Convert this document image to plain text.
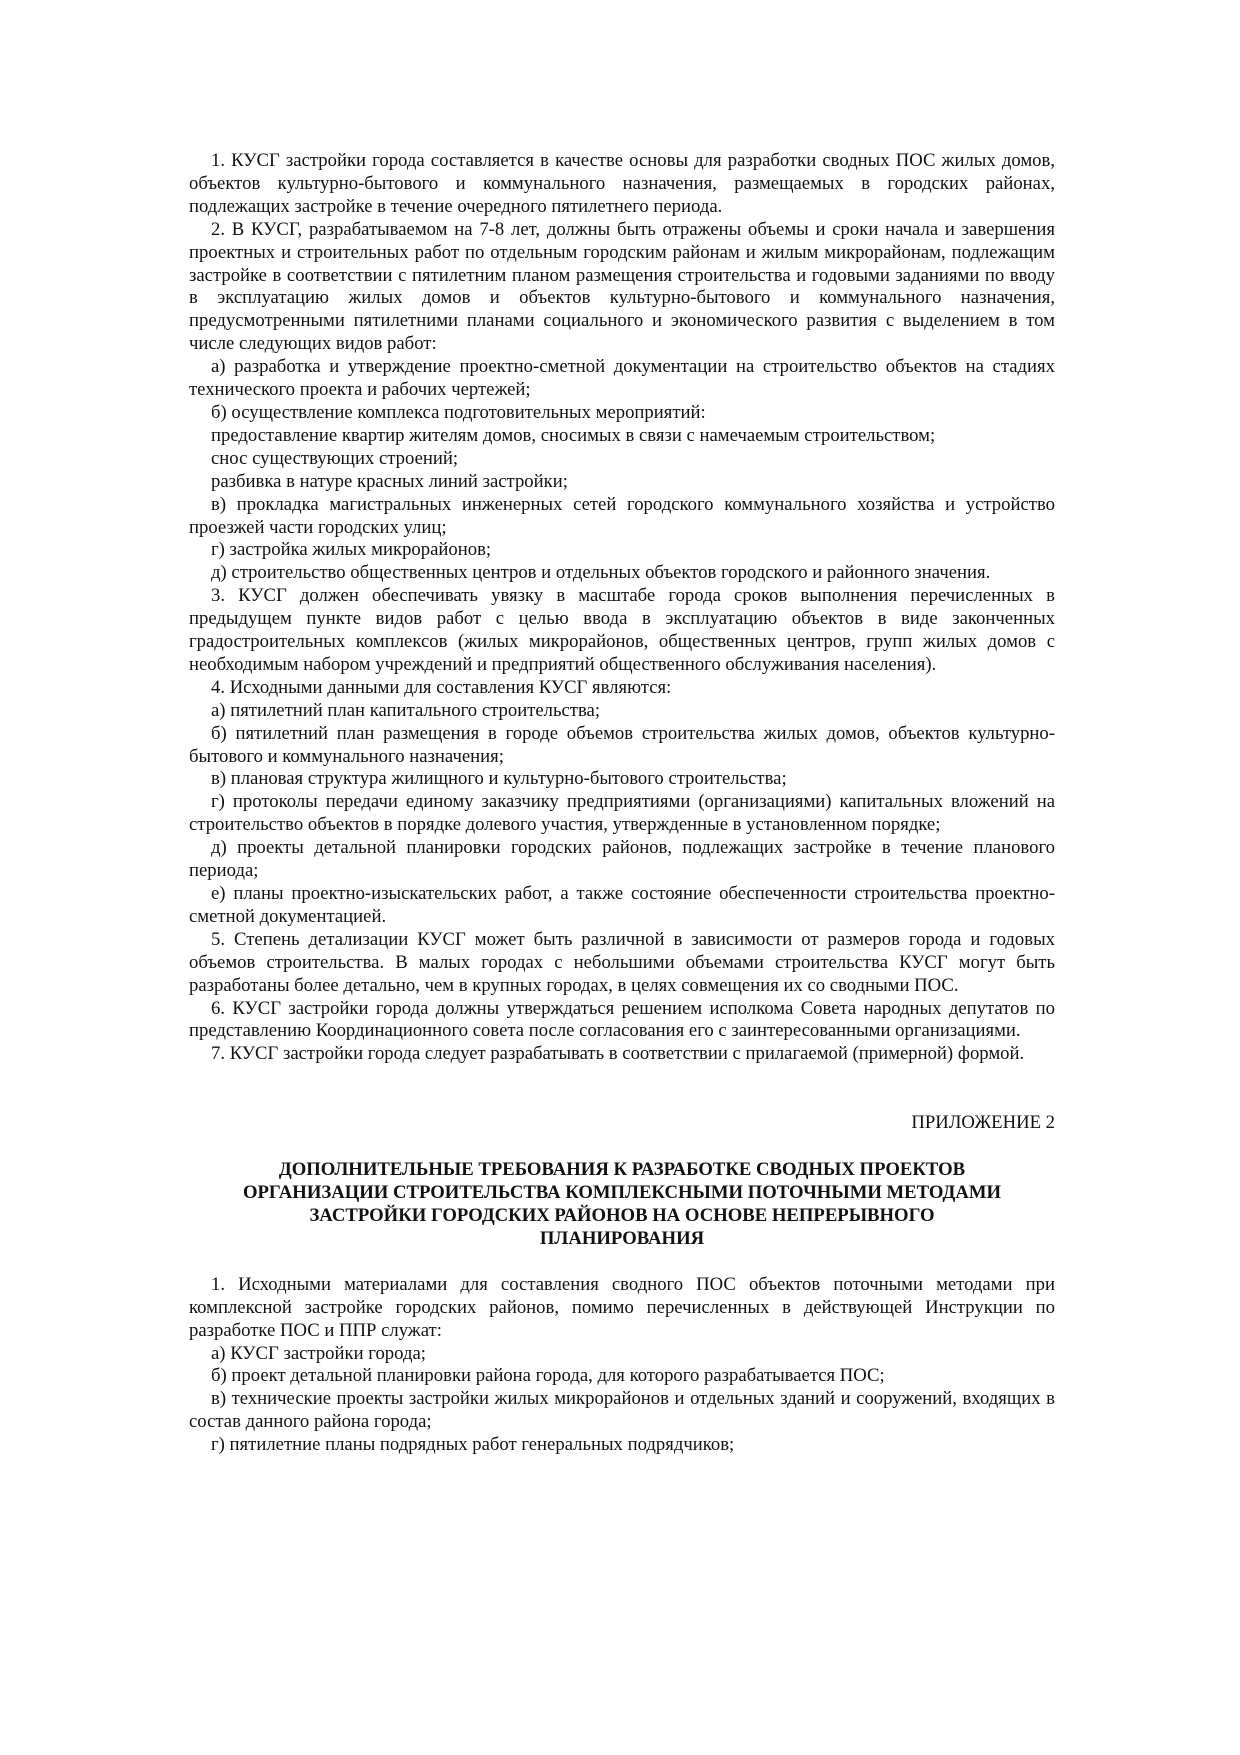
1. КУСГ застройки города составляется в качестве основы для разработки сводных ПОС жилых домов, объектов культурно-бытового и коммунального назначения, размещаемых в городских районах, подлежащих застройке в течение очередного пятилетнего периода.

2. В КУСГ, разрабатываемом на 7-8 лет, должны быть отражены объемы и сроки начала и завершения проектных и строительных работ по отдельным городским районам и жилым микрорайонам, подлежащим застройке в соответствии с пятилетним планом размещения строительства и годовыми заданиями по вводу в эксплуатацию жилых домов и объектов культурно-бытового и коммунального назначения, предусмотренными пятилетними планами социального и экономического развития с выделением в том числе следующих видов работ:

а) разработка и утверждение проектно-сметной документации на строительство объектов на стадиях технического проекта и рабочих чертежей;

б) осуществление комплекса подготовительных мероприятий:

предоставление квартир жителям домов, сносимых в связи с намечаемым строительством;

снос существующих строений;

разбивка в натуре красных линий застройки;

в) прокладка магистральных инженерных сетей городского коммунального хозяйства и устройство проезжей части городских улиц;

г) застройка жилых микрорайонов;

д) строительство общественных центров и отдельных объектов городского и районного значения.

3. КУСГ должен обеспечивать увязку в масштабе города сроков выполнения перечисленных в предыдущем пункте видов работ с целью ввода в эксплуатацию объектов в виде законченных градостроительных комплексов (жилых микрорайонов, общественных центров, групп жилых домов с необходимым набором учреждений и предприятий общественного обслуживания населения).

4. Исходными данными для составления КУСГ являются:

а) пятилетний план капитального строительства;

б) пятилетний план размещения в городе объемов строительства жилых домов, объектов культурно-бытового и коммунального назначения;

в) плановая структура жилищного и культурно-бытового строительства;

г) протоколы передачи единому заказчику предприятиями (организациями) капитальных вложений на строительство объектов в порядке долевого участия, утвержденные в установленном порядке;

д) проекты детальной планировки городских районов, подлежащих застройке в течение планового периода;

е) планы проектно-изыскательских работ, а также состояние обеспеченности строительства проектно-сметной документацией.

5. Степень детализации КУСГ может быть различной в зависимости от размеров города и годовых объемов строительства. В малых городах с небольшими объемами строительства КУСГ могут быть разработаны более детально, чем в крупных городах, в целях совмещения их со сводными ПОС.

6. КУСГ застройки города должны утверждаться решением исполкома Совета народных депутатов по представлению Координационного совета после согласования его с заинтересованными организациями.

7. КУСГ застройки города следует разрабатывать в соответствии с прилагаемой (примерной) формой.

ПРИЛОЖЕНИЕ 2

ДОПОЛНИТЕЛЬНЫЕ ТРЕБОВАНИЯ К РАЗРАБОТКЕ СВОДНЫХ ПРОЕКТОВ ОРГАНИЗАЦИИ СТРОИТЕЛЬСТВА КОМПЛЕКСНЫМИ ПОТОЧНЫМИ МЕТОДАМИ ЗАСТРОЙКИ ГОРОДСКИХ РАЙОНОВ НА ОСНОВЕ НЕПРЕРЫВНОГО ПЛАНИРОВАНИЯ

1. Исходными материалами для составления сводного ПОС объектов поточными методами при комплексной застройке городских районов, помимо перечисленных в действующей Инструкции по разработке ПОС и ППР служат:

а) КУСГ застройки города;

б) проект детальной планировки района города, для которого разрабатывается ПОС;

в) технические проекты застройки жилых микрорайонов и отдельных зданий и сооружений, входящих в состав данного района города;

г) пятилетние планы подрядных работ генеральных подрядчиков;
